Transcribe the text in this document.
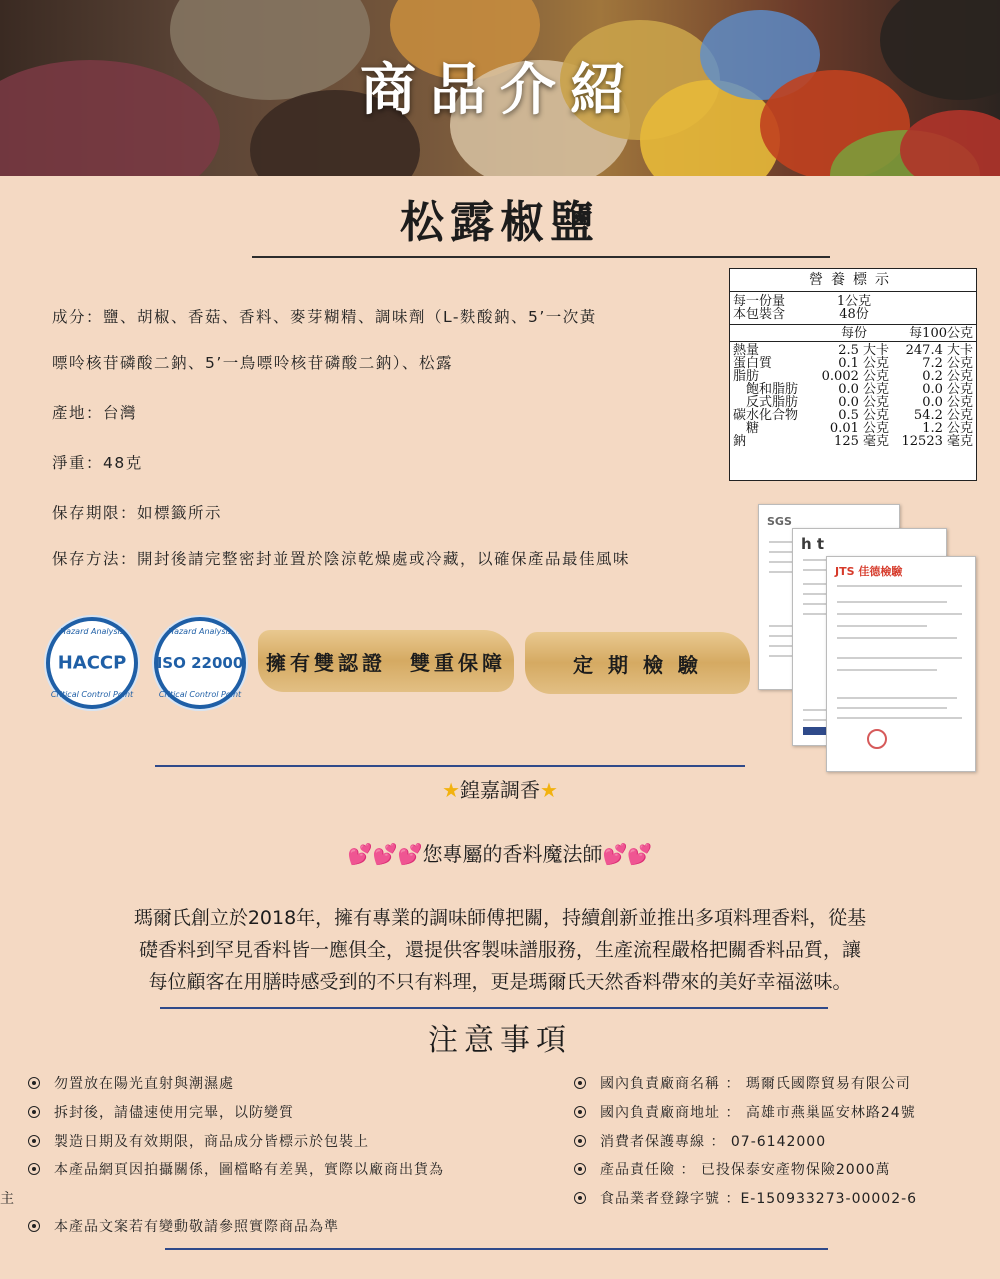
商品介紹
松露椒鹽
成分：鹽、胡椒、香菇、香料、麥芽糊精、調味劑（L-麩酸鈉、5’一次黃
嘌呤核苷磷酸二鈉、5’一鳥嘌呤核苷磷酸二鈉）、松露
產地：台灣
淨重：48克
保存期限：如標籤所示
保存方法：開封後請完整密封並置於陰涼乾燥處或冷藏，以確保產品最佳風味
營養標示
每一份量	1公克
本包裝含	48份
每份	每100公克
熱量	2.5 大卡	247.4 大卡
蛋白質	0.1 公克	7.2 公克
脂肪	0.002 公克	0.2 公克
　飽和脂肪	0.0 公克	0.0 公克
　反式脂肪	0.0 公克	0.0 公克
碳水化合物	0.5 公克	54.2 公克
　糖	0.01 公克	1.2 公克
鈉	125 毫克 12523 毫克
SGS
h t
JTS 佳德檢驗
Hazard Analysis
HACCP
Critical Control Point
Hazard Analysis
ISO 22000
Critical Control Point
擁有雙認證　雙重保障	定 期 檢 驗
★鍠嘉調香★
💕💕💕您專屬的香料魔法師💕💕
瑪爾氏創立於2018年，擁有專業的調味師傅把關，持續創新並推出多項料理香料，從基
礎香料到罕見香料皆一應俱全，還提供客製味譜服務，生產流程嚴格把關香料品質，讓
每位顧客在用膳時感受到的不只有料理，更是瑪爾氏天然香料帶來的美好幸福滋味。
注意事項
勿置放在陽光直射與潮濕處
拆封後，請儘速使用完畢，以防變質
製造日期及有效期限，商品成分皆標示於包裝上
本產品網頁因拍攝關係，圖檔略有差異，實際以廠商出貨為
主
本產品文案若有變動敬請參照實際商品為準
國內負責廠商名稱 ： 瑪爾氏國際貿易有限公司
國內負責廠商地址 ： 高雄市燕巢區安林路24號
消費者保護專線 ： 07-6142000
產品責任險 ： 已投保泰安產物保險2000萬
食品業者登錄字號 ：E-150933273-00002-6
